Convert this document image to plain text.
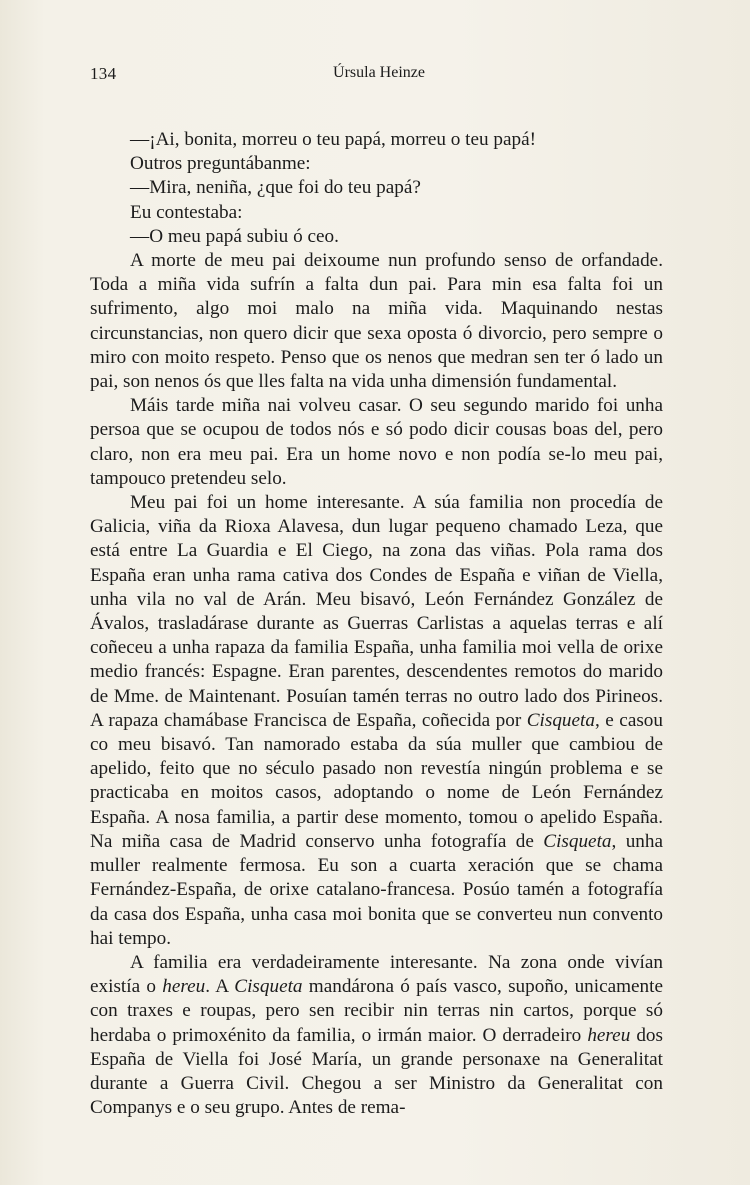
134	Úrsula Heinze

—¡Ai, bonita, morreu o teu papá, morreu o teu papá!

Outros preguntábanme:

—Mira, neniña, ¿que foi do teu papá?

Eu contestaba:

—O meu papá subiu ó ceo.

A morte de meu pai deixoume nun profundo senso de orfandade. Toda a miña vida sufrín a falta dun pai. Para min esa falta foi un sufrimento, algo moi malo na miña vida. Maquinando nestas circunstancias, non quero dicir que sexa oposta ó divorcio, pero sempre o miro con moito respeto. Penso que os nenos que medran sen ter ó lado un pai, son nenos ós que lles falta na vida unha dimensión fundamental.

Máis tarde miña nai volveu casar. O seu segundo marido foi unha persoa que se ocupou de todos nós e só podo dicir cousas boas del, pero claro, non era meu pai. Era un home novo e non podía se-lo meu pai, tampouco pretendeu selo.

Meu pai foi un home interesante. A súa familia non procedía de Galicia, viña da Rioxa Alavesa, dun lugar pequeno chamado Leza, que está entre La Guardia e El Ciego, na zona das viñas. Pola rama dos España eran unha rama cativa dos Condes de España e viñan de Viella, unha vila no val de Arán. Meu bisavó, León Fernández González de Ávalos, trasladárase durante as Guerras Carlistas a aquelas terras e alí coñeceu a unha rapaza da familia España, unha familia moi vella de orixe medio francés: Espagne. Eran parentes, descendentes remotos do marido de Mme. de Maintenant. Posuían tamén terras no outro lado dos Pirineos. A rapaza chamábase Francisca de España, coñecida por Cisqueta, e casou co meu bisavó. Tan namorado estaba da súa muller que cambiou de apelido, feito que no século pasado non revestía ningún problema e se practicaba en moitos casos, adoptando o nome de León Fernández España. A nosa familia, a partir dese momento, tomou o apelido España. Na miña casa de Madrid conservo unha fotografía de Cisqueta, unha muller realmente fermosa. Eu son a cuarta xeración que se chama Fernández-España, de orixe catalano-francesa. Posúo tamén a fotografía da casa dos España, unha casa moi bonita que se converteu nun convento hai tempo.

A familia era verdadeiramente interesante. Na zona onde vivían existía o hereu. A Cisqueta mandárona ó país vasco, supoño, unicamente con traxes e roupas, pero sen recibir nin terras nin cartos, porque só herdaba o primoxénito da familia, o irmán maior. O derradeiro hereu dos España de Viella foi José María, un grande personaxe na Generalitat durante a Guerra Civil. Chegou a ser Ministro da Generalitat con Companys e o seu grupo. Antes de rema-
